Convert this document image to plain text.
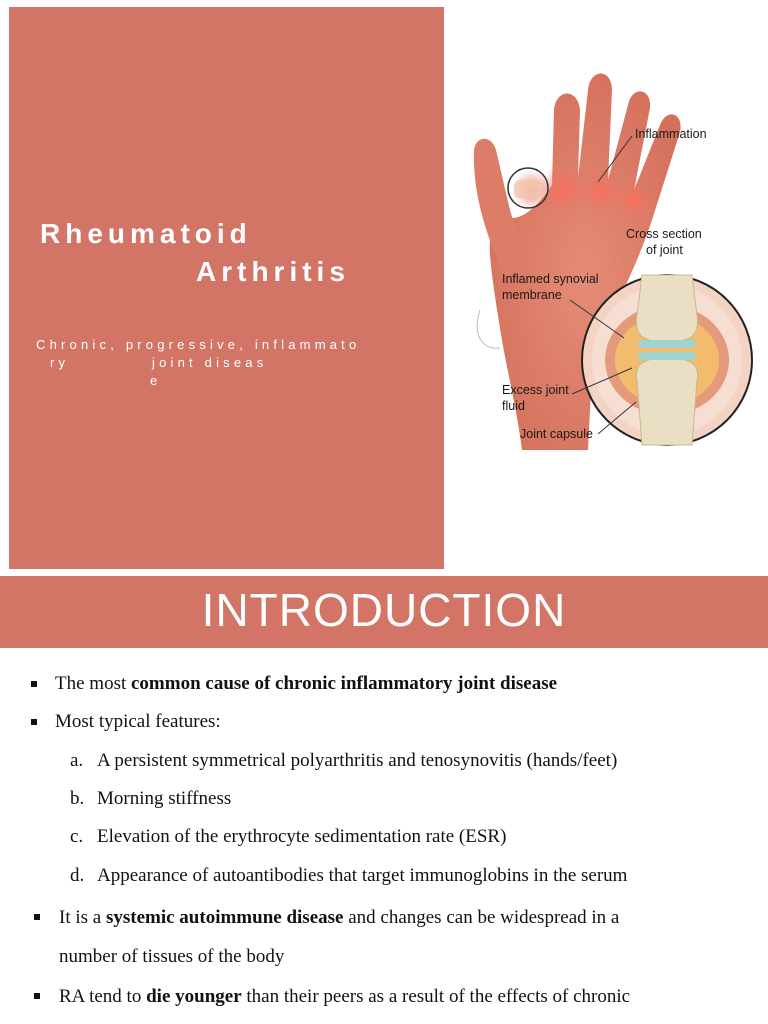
Rheumatoid
Arthritis
Chronic, progressive, inflammato
ry	joint diseas
e
Inflammation
Cross section
of joint
Inflamed synovial
membrane
Excess joint
fluid
Joint capsule
INTRODUCTION
The most common cause of chronic inflammatory joint disease
Most typical features:
a. A persistent symmetrical polyarthritis and tenosynovitis (hands/feet)
b. Morning stiffness
c. Elevation of the erythrocyte sedimentation rate (ESR)
d. Appearance of autoantibodies that target immunoglobins in the serum
It is a systemic autoimmune disease and changes can be widespread in a
number of tissues of the body
RA tend to die younger than their peers as a result of the effects of chronic
